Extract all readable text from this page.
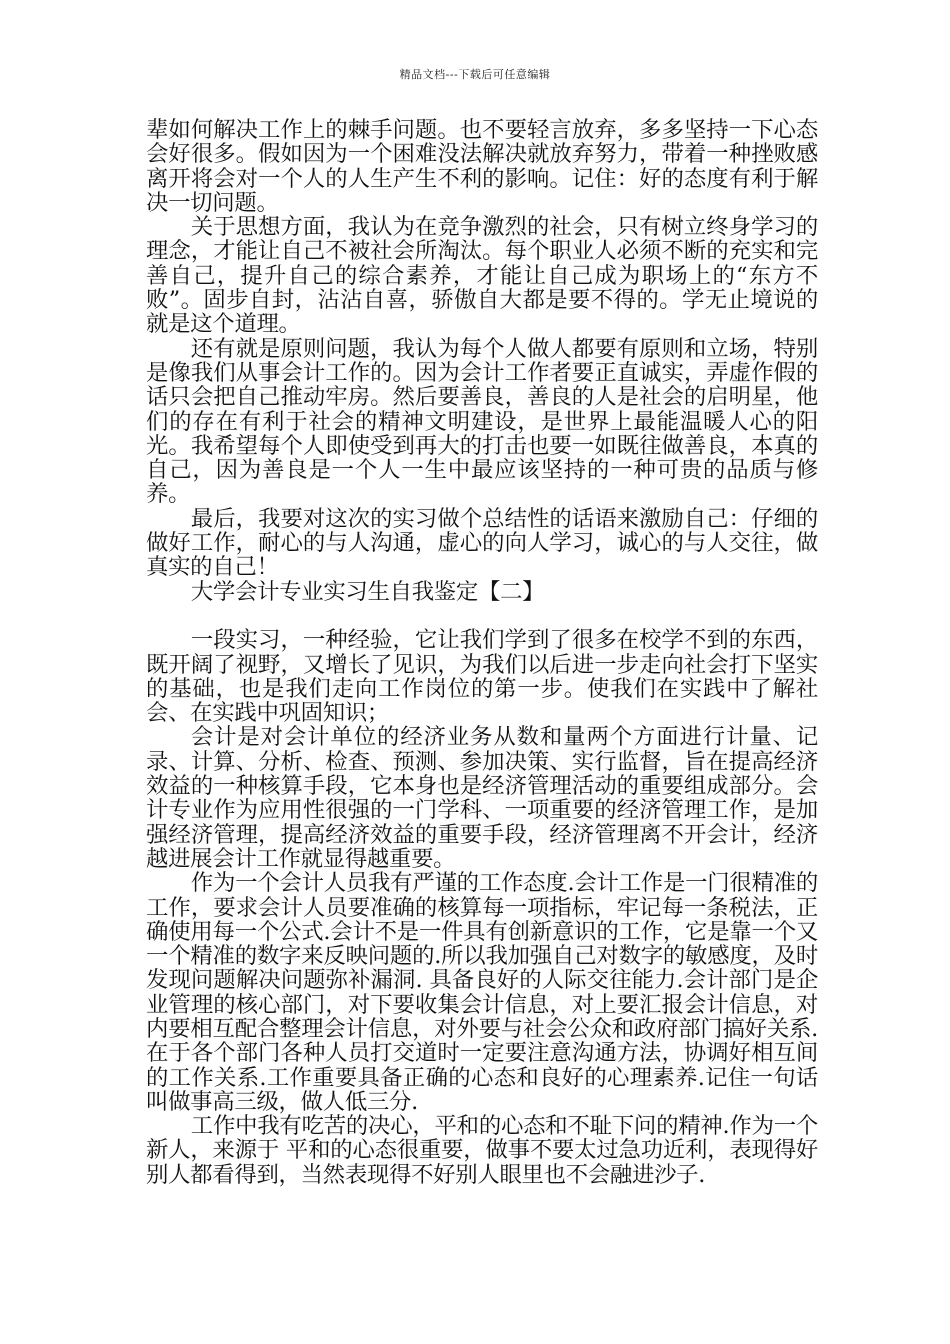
精品文档---下载后可任意编辑

辈如何解决工作上的棘手问题。也不要轻言放弃，多多坚持一下心态会好很多。假如因为一个困难没法解决就放弃努力，带着一种挫败感离开将会对一个人的人生产生不利的影响。记住：好的态度有利于解决一切问题。

关于思想方面，我认为在竞争激烈的社会，只有树立终身学习的理念，才能让自己不被社会所淘汰。每个职业人必须不断的充实和完善自己，提升自己的综合素养，才能让自己成为职场上的“东方不败”。固步自封，沾沾自喜，骄傲自大都是要不得的。学无止境说的就是这个道理。

还有就是原则问题，我认为每个人做人都要有原则和立场，特别是像我们从事会计工作的。因为会计工作者要正直诚实，弄虚作假的话只会把自己推动牢房。然后要善良，善良的人是社会的启明星，他们的存在有利于社会的精神文明建设，是世界上最能温暖人心的阳光。我希望每个人即使受到再大的打击也要一如既往做善良，本真的自己，因为善良是一个人一生中最应该坚持的一种可贵的品质与修养。

最后，我要对这次的实习做个总结性的话语来激励自己：仔细的做好工作，耐心的与人沟通，虚心的向人学习，诚心的与人交往，做真实的自己！

大学会计专业实习生自我鉴定【二】

一段实习，一种经验，它让我们学到了很多在校学不到的东西，既开阔了视野，又增长了见识，为我们以后进一步走向社会打下坚实的基础，也是我们走向工作岗位的第一步。使我们在实践中了解社会、在实践中巩固知识；

会计是对会计单位的经济业务从数和量两个方面进行计量、记录、计算、分析、检查、预测、参加决策、实行监督，旨在提高经济效益的一种核算手段，它本身也是经济管理活动的重要组成部分。会计专业作为应用性很强的一门学科、一项重要的经济管理工作，是加强经济管理，提高经济效益的重要手段，经济管理离不开会计，经济越进展会计工作就显得越重要。

作为一个会计人员我有严谨的工作态度.会计工作是一门很精准的工作，要求会计人员要准确的核算每一项指标，牢记每一条税法，正确使用每一个公式.会计不是一件具有创新意识的工作，它是靠一个又一个精准的数字来反映问题的.所以我加强自己对数字的敏感度，及时发现问题解决问题弥补漏洞. 具备良好的人际交往能力.会计部门是企业管理的核心部门，对下要收集会计信息，对上要汇报会计信息，对内要相互配合整理会计信息，对外要与社会公众和政府部门搞好关系.在于各个部门各种人员打交道时一定要注意沟通方法，协调好相互间的工作关系.工作重要具备正确的心态和良好的心理素养.记住一句话叫做事高三级，做人低三分.

工作中我有吃苦的决心，平和的心态和不耻下问的精神.作为一个新人，来源于 平和的心态很重要，做事不要太过急功近利，表现得好别人都看得到，当然表现得不好别人眼里也不会融进沙子.
